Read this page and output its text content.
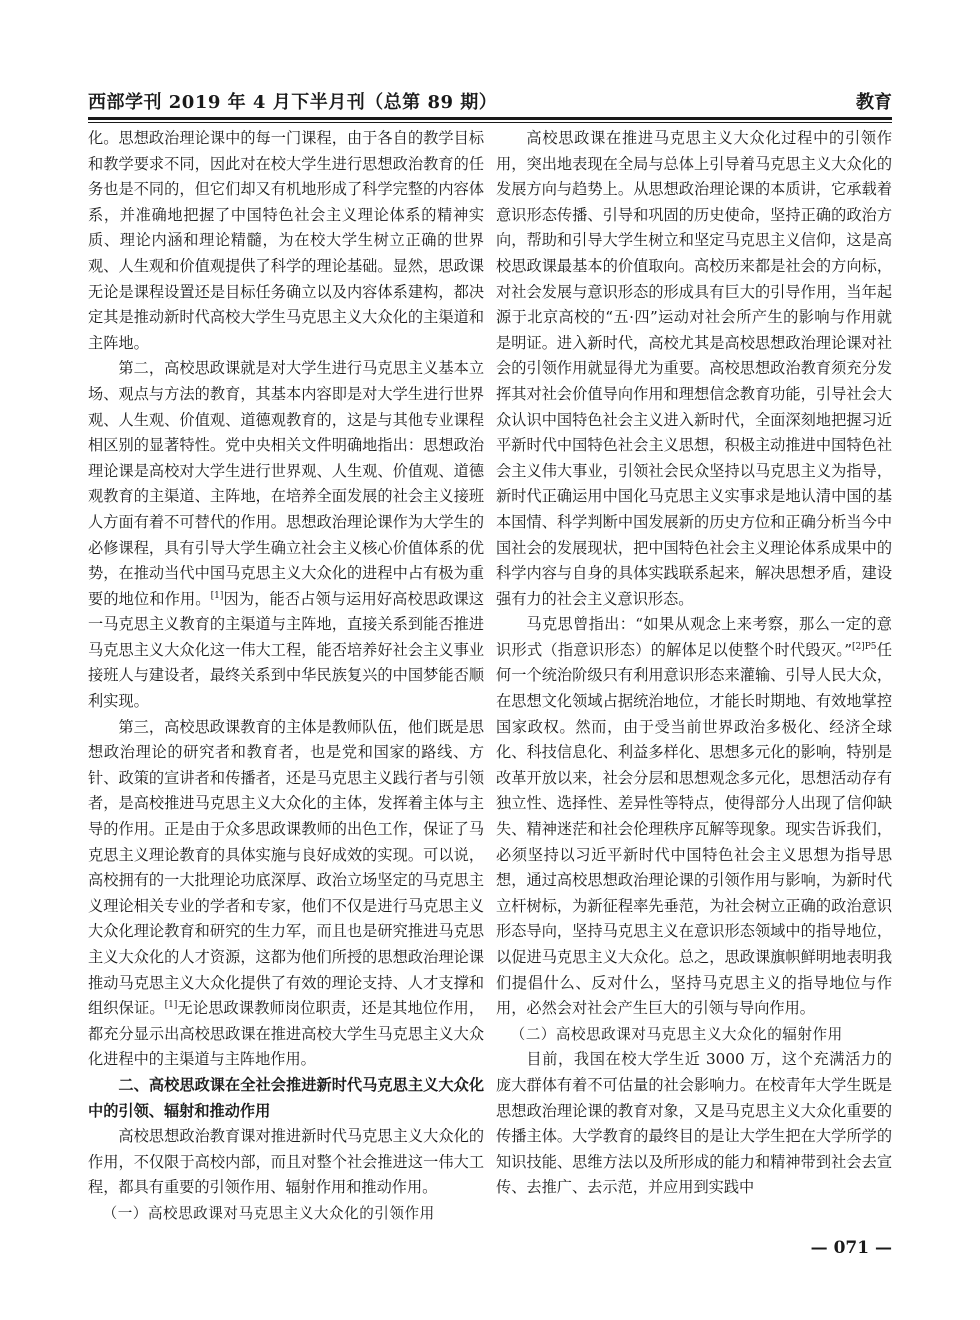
西部学刊 2019 年 4 月下半月刊（总第 89 期）	教育

化。思想政治理论课中的每一门课程，由于各自的教学目标和教学要求不同，因此对在校大学生进行思想政治教育的任务也是不同的，但它们却又有机地形成了科学完整的内容体系，并准确地把握了中国特色社会主义理论体系的精神实质、理论内涵和理论精髓，为在校大学生树立正确的世界观、人生观和价值观提供了科学的理论基础。显然，思政课无论是课程设置还是目标任务确立以及内容体系建构，都决定其是推动新时代高校大学生马克思主义大众化的主渠道和主阵地。

第二，高校思政课就是对大学生进行马克思主义基本立场、观点与方法的教育，其基本内容即是对大学生进行世界观、人生观、价值观、道德观教育的，这是与其他专业课程相区别的显著特性。党中央相关文件明确地指出：思想政治理论课是高校对大学生进行世界观、人生观、价值观、道德观教育的主渠道、主阵地，在培养全面发展的社会主义接班人方面有着不可替代的作用。思想政治理论课作为大学生的必修课程，具有引导大学生确立社会主义核心价值体系的优势，在推动当代中国马克思主义大众化的进程中占有极为重要的地位和作用。[1]因为，能否占领与运用好高校思政课这一马克思主义教育的主渠道与主阵地，直接关系到能否推进马克思主义大众化这一伟大工程，能否培养好社会主义事业接班人与建设者，最终关系到中华民族复兴的中国梦能否顺利实现。

第三，高校思政课教育的主体是教师队伍，他们既是思想政治理论的研究者和教育者，也是党和国家的路线、方针、政策的宣讲者和传播者，还是马克思主义践行者与引领者，是高校推进马克思主义大众化的主体，发挥着主体与主导的作用。正是由于众多思政课教师的出色工作，保证了马克思主义理论教育的具体实施与良好成效的实现。可以说，高校拥有的一大批理论功底深厚、政治立场坚定的马克思主义理论相关专业的学者和专家，他们不仅是进行马克思主义大众化理论教育和研究的生力军，而且也是研究推进马克思主义大众化的人才资源，这都为他们所授的思想政治理论课推动马克思主义大众化提供了有效的理论支持、人才支撑和组织保证。[1]无论思政课教师岗位职责，还是其地位作用，都充分显示出高校思政课在推进高校大学生马克思主义大众化进程中的主渠道与主阵地作用。

二、高校思政课在全社会推进新时代马克思主义大众化中的引领、辐射和推动作用

高校思想政治教育课对推进新时代马克思主义大众化的作用，不仅限于高校内部，而且对整个社会推进这一伟大工程，都具有重要的引领作用、辐射作用和推动作用。

（一）高校思政课对马克思主义大众化的引领作用

高校思政课在推进马克思主义大众化过程中的引领作用，突出地表现在全局与总体上引导着马克思主义大众化的发展方向与趋势上。从思想政治理论课的本质讲，它承载着意识形态传播、引导和巩固的历史使命，坚持正确的政治方向，帮助和引导大学生树立和坚定马克思主义信仰，这是高校思政课最基本的价值取向。高校历来都是社会的方向标，对社会发展与意识形态的形成具有巨大的引导作用，当年起源于北京高校的“五·四”运动对社会所产生的影响与作用就是明证。进入新时代，高校尤其是高校思想政治理论课对社会的引领作用就显得尤为重要。高校思想政治教育须充分发挥其对社会价值导向作用和理想信念教育功能，引导社会大众认识中国特色社会主义进入新时代，全面深刻地把握习近平新时代中国特色社会主义思想，积极主动推进中国特色社会主义伟大事业，引领社会民众坚持以马克思主义为指导，新时代正确运用中国化马克思主义实事求是地认清中国的基本国情、科学判断中国发展新的历史方位和正确分析当今中国社会的发展现状，把中国特色社会主义理论体系成果中的科学内容与自身的具体实践联系起来，解决思想矛盾，建设强有力的社会主义意识形态。

马克思曾指出：“如果从观念上来考察，那么一定的意识形式（指意识形态）的解体足以使整个时代毁灭。”$^{[2]P5}$任何一个统治阶级只有利用意识形态来灌输、引导人民大众，在思想文化领域占据统治地位，才能长时期地、有效地掌控国家政权。然而，由于受当前世界政治多极化、经济全球化、科技信息化、利益多样化、思想多元化的影响，特别是改革开放以来，社会分层和思想观念多元化，思想活动存有独立性、选择性、差异性等特点，使得部分人出现了信仰缺失、精神迷茫和社会伦理秩序瓦解等现象。现实告诉我们，必须坚持以习近平新时代中国特色社会主义思想为指导思想，通过高校思想政治理论课的引领作用与影响，为新时代立杆树标，为新征程率先垂范，为社会树立正确的政治意识形态导向，坚持马克思主义在意识形态领域中的指导地位，以促进马克思主义大众化。总之，思政课旗帜鲜明地表明我们提倡什么、反对什么，坚持马克思主义的指导地位与作用，必然会对社会产生巨大的引领与导向作用。

（二）高校思政课对马克思主义大众化的辐射作用

目前，我国在校大学生近 3000 万，这个充满活力的庞大群体有着不可估量的社会影响力。在校青年大学生既是思想政治理论课的教育对象，又是马克思主义大众化重要的传播主体。大学教育的最终目的是让大学生把在大学所学的知识技能、思维方法以及所形成的能力和精神带到社会去宣传、去推广、去示范，并应用到实践中

— 071 —
